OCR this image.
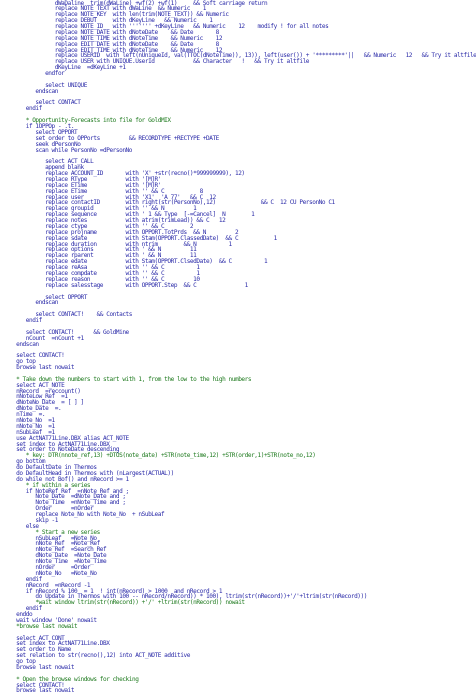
dWaDaline  trim(dWaLine) +wf(2) +wf(1)     && Soft carriage return
replace NOTE_TEXT with dWaLine  && Numeric    1
replace NOTE_KEY  with len(trim(NOTE_TEXT)) && Numeric
replace DEBUT     with dKeyLine   && Numeric    1
replace NOTE_ID   with ''''''' +dKeyLine   && Numeric    12    modify ! for all notes
replace NOTE_DATE with dNoteDate    && Date       8
replace NOTE_TIME with dNoteTime    && Numeric    12
replace EDIT_DATE with dNoteDate    && Date       8
replace EDIT_TIME with dNoteTime    && Numeric    12
replace USERID  with left(nUniqueId, val(TTOC(dNoteTime)), 13)), left(user()) + '*********'||   && Numeric   12   && Try it altfile
replace USER with UNIQUE.UserId            && Character   !   && Try it altfile
dKeyLine  =dKeyLine +1
endfor
select UNIQUE
endscan
select CONTACT
endif
* Opportunity-Forecasts into file for GoldMIX
if 1OPPOp - .t.
select OPPORT
set order to OPPorts         && RECORDTYPE +RECTYPE +DATE
seek dPersonNo
scan while PersonNo =dPersonNo
select ACT_CALL
append blank
replace ACCOUNT_ID       with 'X' +str(recno()*999999999), 12)
replace RType            with '[M]R'
replace ETime            with '[M]R'
replace ETime            with '' && C           8
replace user             with 'X1'  'A 77'   && C  12
replace contactID        with right(str(PersonNo),12)              && C  12 CU PersonNo C1
replace groupid          with '' && N         1
replace sequence         with ' 1 && Type  [-=Cancel]  N        1
replace notes            with atrim(trimLead)) && C   12
replace ctype            with '' && C        2
replace projname         with OPPORT.TotPrds  && N         2
replace sdate            with Stam(OPPORT.ClassedDate)  && C           1
replace duration         with ntrim        && N          1
replace options          with ' && N         11
replace rparent          with ' && N         11
replace edate            with Stam(OPPORT.ClsedDate)  && C          1
replace reAsa            with '' && C          1
replace compdate         with '' && C          1
replace reason           with '' && C         10
replace salesstage       with OPPORT.Step  && C               1
select OPPORT
endscan
select CONTACT!    && Contacts
endif
select CONTACT!      && GoldMine
nCount  =nCount +1
endscan
select CONTACT!
go top
browse last nowait
* Take down the numbers to start with 1, from the low to the high numbers
select ACT_NOTE
nRecord  =reccount()
nNoteLow_Ref  =1
dNoteNo_Date  = [ ] ]
dNote_Date  =.
nTime  =.
nNote_No  =1
nNote_No  =1
nSubLeaf  =1
use ActNAT71Line.DBX alias ACT_NOTE
set index to ActNAT71Line.DBX
set order to NoteDate descending
* key: DTR(nnote_ref,13) +DTOS(note_date) +STR(note_time,12) +STR(order,1)+STR(note_no,12)
go bottom
do DefaultDate in Thermos
do DefaultHead in Thermos with (nLargest(ACTUAL))
do while not Bof() and nRecord >= 1
* if within a series
if NoteRef_Ref  =nNote_Ref and ;
Note_Date  =dNote_Date and ;
Note_Time  =nNote_Time and ;
Order      =nOrder
replace Note_No with Note_No  + nSubLeaf
skip -1
else
* Start a new series
nSubLeaf   =Note_No
nNote_Ref  =Note_Ref
nNote_Ref  =Search_Ref
dNote_Date  =Note_Date
nNote_Time  =Note_Time
nOrder     =Order
nNote_No   =Note_No
endif
nRecord  =nRecord -1
if nRecord % 100  = 1  ! int(nRecord) > 1000  and nRecord > 1
do Update in Thermos with 100 -- nRecord/nRecord)) * 100), ltrim(str(nRecord))+'/'+ltrim(str(nRecord)))
*wait window ltrim(str(nRecord)) +'/' +ltrim(str(nRecord)) nowait
endif
enddo
wait window 'Done' nowait
*browse last nowait
select ACT_CONT
set index to ActNAT71Line.DBX
set order to Name
set relation to str(recno(),12) into ACT_NOTE additive
go top
browse last nowait
* Open the browse windows for checking
select CONTACT!
browse last nowait
